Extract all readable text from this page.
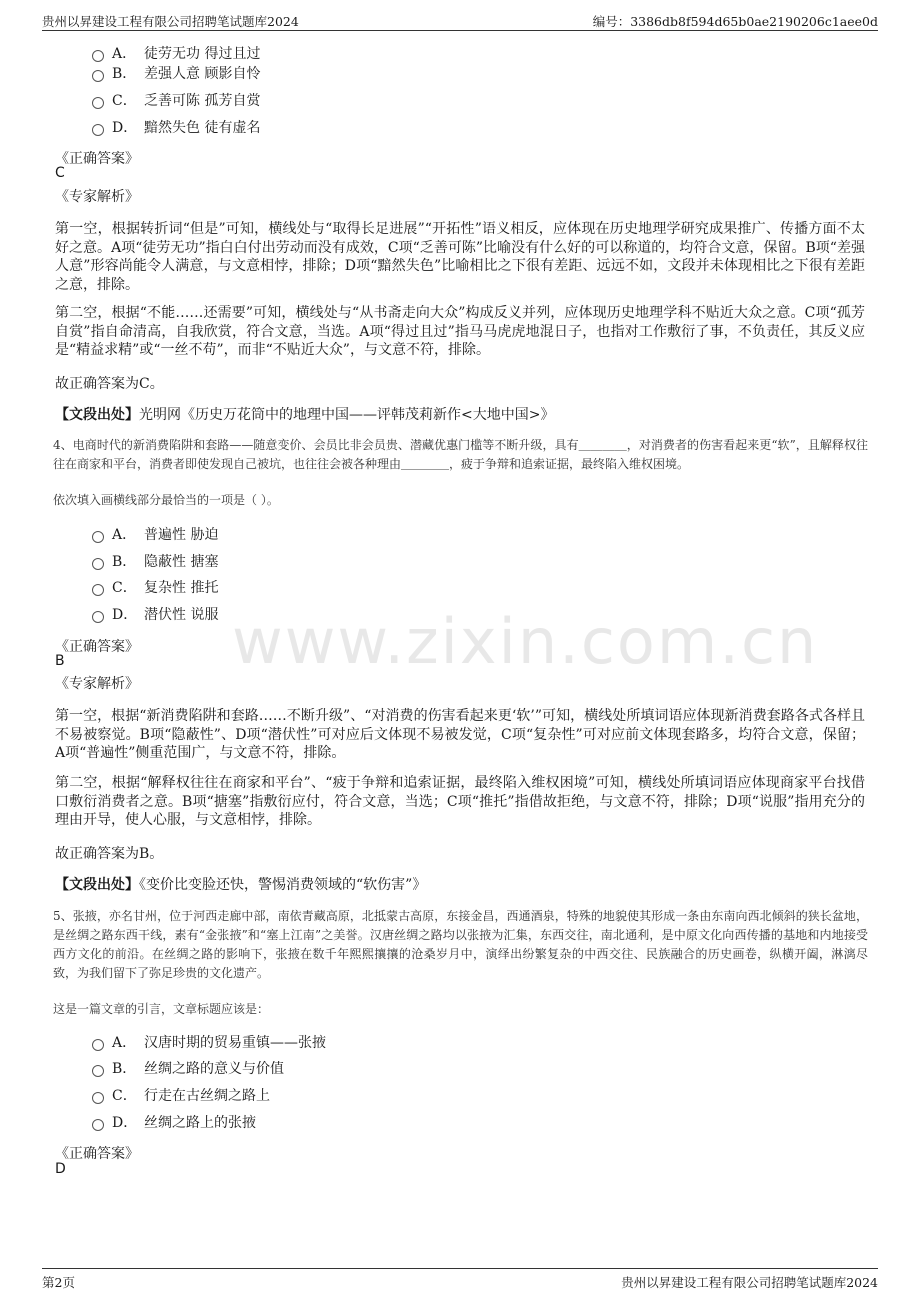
贵州以昇建设工程有限公司招聘笔试题库2024	编号：3386db8f594d65b0ae2190206c1aee0d
www.zixin.com.cn
A． 徒劳无功 得过且过
B． 差强人意 顾影自怜
C． 乏善可陈 孤芳自赏
D． 黯然失色 徒有虚名
《正确答案》
C
《专家解析》
第一空，根据转折词“但是”可知，横线处与“取得长足进展”“开拓性”语义相反，应体现在历史地理学研究成果推广、传播方面不太好之意。A项“徒劳无功”指白白付出劳动而没有成效，C项“乏善可陈”比喻没有什么好的可以称道的，均符合文意，保留。B项“差强人意”形容尚能令人满意，与文意相悖，排除；D项“黯然失色”比喻相比之下很有差距、远远不如，文段并未体现相比之下很有差距之意，排除。
第二空，根据“不能……还需要”可知，横线处与“从书斋走向大众”构成反义并列，应体现历史地理学科不贴近大众之意。C项“孤芳自赏”指自命清高，自我欣赏，符合文意，当选。A项“得过且过”指马马虎虎地混日子，也指对工作敷衍了事，不负责任，其反义应是“精益求精”或“一丝不苟”，而非“不贴近大众”，与文意不符，排除。
故正确答案为C。
【文段出处】光明网《历史万花筒中的地理中国——评韩茂莉新作<大地中国>》
4、电商时代的新消费陷阱和套路——随意变价、会员比非会员贵、潜藏优惠门槛等不断升级，具有＿＿＿＿，对消费者的伤害看起来更“软”，且解释权往往在商家和平台，消费者即使发现自己被坑，也往往会被各种理由＿＿＿＿，疲于争辩和追索证据，最终陷入维权困境。
依次填入画横线部分最恰当的一项是（ ）。
A． 普遍性 胁迫
B． 隐蔽性 搪塞
C． 复杂性 推托
D． 潜伏性 说服
《正确答案》
B
《专家解析》
第一空，根据“新消费陷阱和套路……不断升级”、“对消费的伤害看起来更‘软’”可知，横线处所填词语应体现新消费套路各式各样且不易被察觉。B项“隐蔽性”、D项“潜伏性”可对应后文体现不易被发觉，C项“复杂性”可对应前文体现套路多，均符合文意，保留；A项“普遍性”侧重范围广，与文意不符，排除。
第二空，根据“解释权往往在商家和平台”、“疲于争辩和追索证据，最终陷入维权困境”可知，横线处所填词语应体现商家平台找借口敷衍消费者之意。B项“搪塞”指敷衍应付，符合文意，当选；C项“推托”指借故拒绝，与文意不符，排除；D项“说服”指用充分的理由开导，使人心服，与文意相悖，排除。
故正确答案为B。
【文段出处】《变价比变脸还快，警惕消费领域的“软伤害”》
5、张掖，亦名甘州，位于河西走廊中部，南依青藏高原，北抵蒙古高原，东接金昌，西通酒泉，特殊的地貌使其形成一条由东南向西北倾斜的狭长盆地，是丝绸之路东西干线，素有“金张掖”和“塞上江南”之美誉。汉唐丝绸之路均以张掖为汇集，东西交往，南北通利，是中原文化向西传播的基地和内地接受西方文化的前沿。在丝绸之路的影响下，张掖在数千年熙熙攘攘的沧桑岁月中，演绎出纷繁复杂的中西交往、民族融合的历史画卷，纵横开阖，淋漓尽致，为我们留下了弥足珍贵的文化遗产。
这是一篇文章的引言，文章标题应该是：
A． 汉唐时期的贸易重镇——张掖
B． 丝绸之路的意义与价值
C． 行走在古丝绸之路上
D． 丝绸之路上的张掖
《正确答案》
D
第2页	贵州以昇建设工程有限公司招聘笔试题库2024
